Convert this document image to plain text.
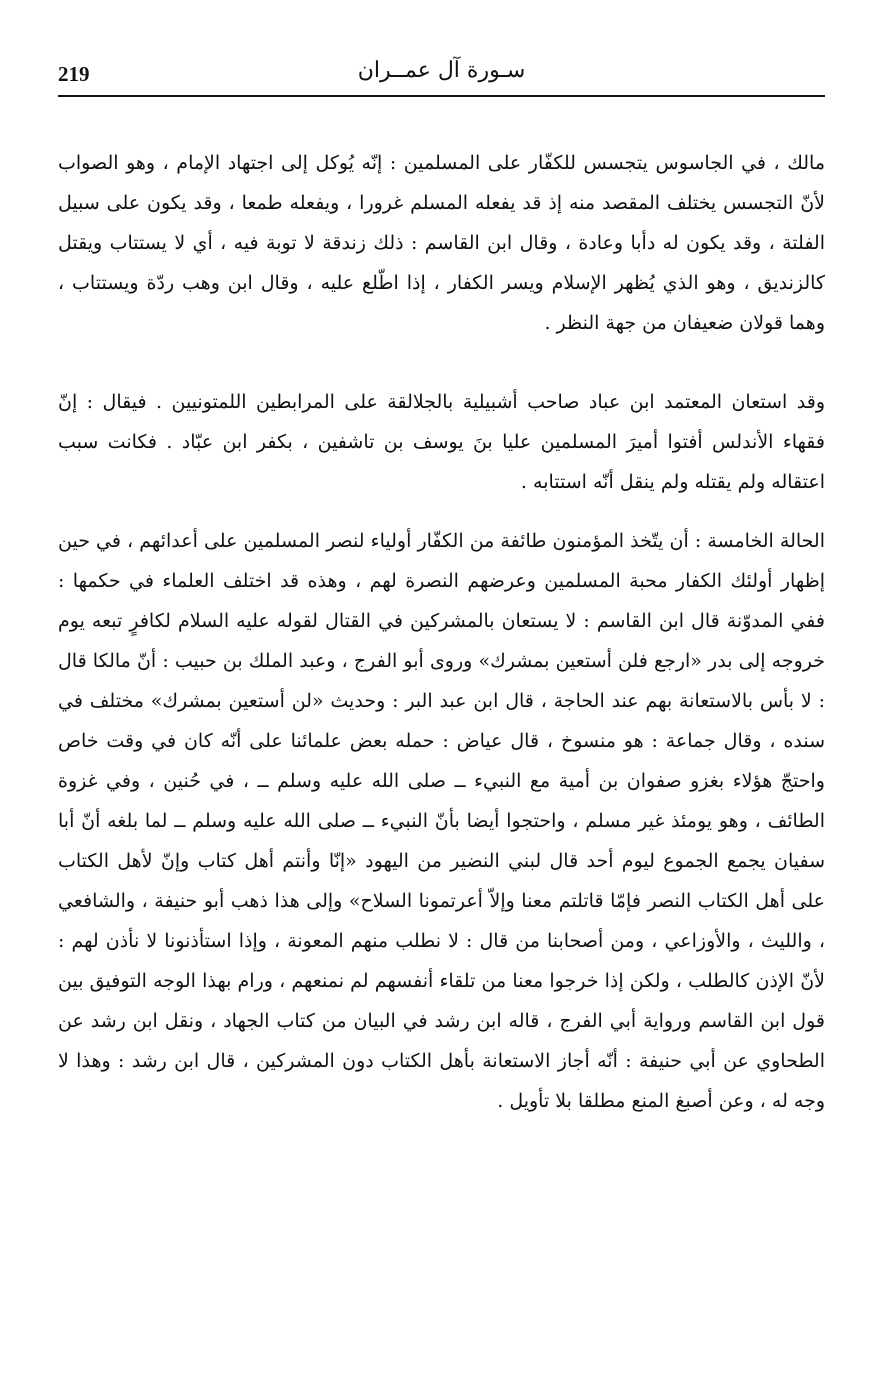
219	سـورة آل عمــران

مالك ، في الجاسوس يتجسس للكفّار على المسلمين : إنّه يُوكل إلى اجتهاد الإمام ، وهو الصواب لأنّ التجسس يختلف المقصد منه إذ قد يفعله المسلم غرورا ، ويفعله طمعا ، وقد يكون على سبيل الفلتة ، وقد يكون له دأبا وعادة ، وقال ابن القاسم : ذلك زندقة لا توبة فيه ، أي لا يستتاب ويقتل كالزنديق ، وهو الذي يُظهر الإسلام ويسر الكفار ، إذا اطّلع عليه ، وقال ابن وهب ردّة ويستتاب ، وهما قولان ضعيفان من جهة النظر .

وقد استعان المعتمد ابن عباد صاحب أشبيلية بالجلالقة على المرابطين اللمتونيين . فيقال : إنّ فقهاء الأندلس أفتوا أميرَ المسلمين عليا بنَ يوسف بن تاشفين ، بكفر ابن عبّاد . فكانت سبب اعتقاله ولم يقتله ولم ينقل أنّه استتابه .

الحالة الخامسة : أن يتّخذ المؤمنون طائفة من الكفّار أولياء لنصر المسلمين على أعدائهم ، في حين إظهار أولئك الكفار محبة المسلمين وعرضهم النصرة لهم ، وهذه قد اختلف العلماء في حكمها : ففي المدوّنة قال ابن القاسم : لا يستعان بالمشركين في القتال لقوله عليه السلام لكافرٍ تبعه يوم خروجه إلى بدر «ارجع فلن أستعين بمشرك» وروى أبو الفرج ، وعبد الملك بن حبيب : أنّ مالكا قال : لا بأس بالاستعانة بهم عند الحاجة ، قال ابن عبد البر : وحديث «لن أستعين بمشرك» مختلف في سنده ، وقال جماعة : هو منسوخ ، قال عياض : حمله بعض علمائنا على أنّه كان في وقت خاص واحتجّ هؤلاء بغزو صفوان بن أمية مع النبيء ــ صلى الله عليه وسلم ــ ، في حُنين ، وفي غزوة الطائف ، وهو يومئذ غير مسلم ، واحتجوا أيضا بأنّ النبيء ــ صلى الله عليه وسلم ــ لما بلغه أنّ أبا سفيان يجمع الجموع ليوم أحد قال لبني النضير من اليهود «إنّا وأنتم أهل كتاب وإنّ لأهل الكتاب على أهل الكتاب النصر فإمّا قاتلتم معنا وإلاّ أعرتمونا السلاح» وإلى هذا ذهب أبو حنيفة ، والشافعي ، والليث ، والأوزاعي ، ومن أصحابنا من قال : لا نطلب منهم المعونة ، وإذا استأذنونا لا نأذن لهم : لأنّ الإذن كالطلب ، ولكن إذا خرجوا معنا من تلقاء أنفسهم لم نمنعهم ، ورام بهذا الوجه التوفيق بين قول ابن القاسم ورواية أبي الفرج ، قاله ابن رشد في البيان من كتاب الجهاد ، ونقل ابن رشد عن الطحاوي عن أبي حنيفة : أنّه أجاز الاستعانة بأهل الكتاب دون المشركين ، قال ابن رشد : وهذا لا وجه له ، وعن أصبغ المنع مطلقا بلا تأويل .
